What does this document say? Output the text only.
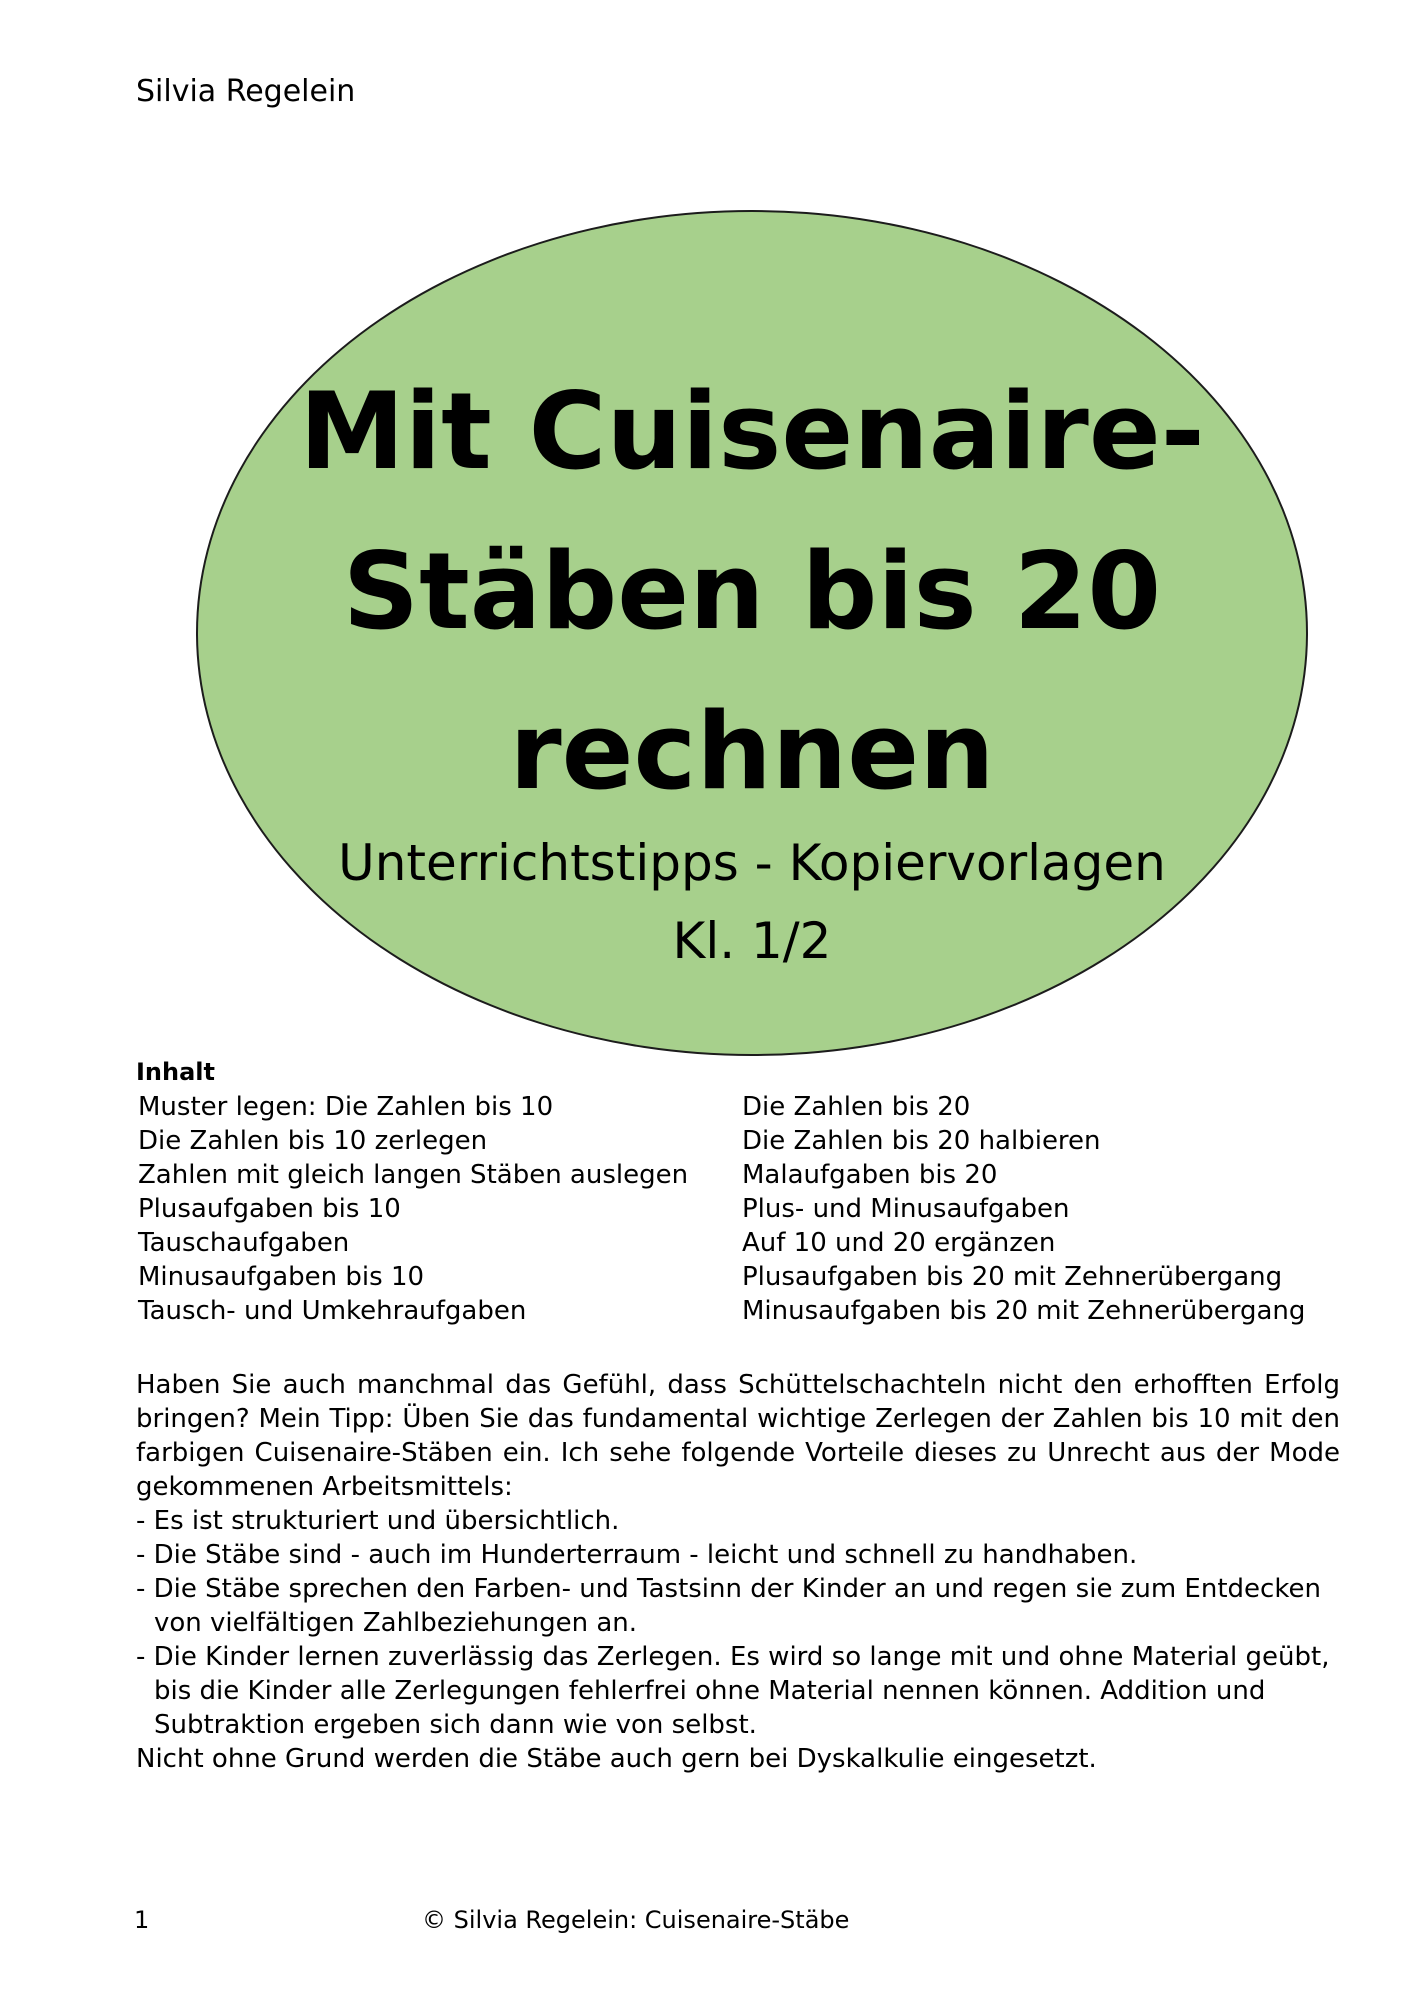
Silvia Regelein
Mit Cuisenaire-
Stäben bis 20
rechnen
Unterrichtstipps - Kopiervorlagen
Kl. 1/2
Inhalt
Muster legen: Die Zahlen bis 10
Die Zahlen bis 10 zerlegen
Zahlen mit gleich langen Stäben auslegen
Plusaufgaben bis 10
Tauschaufgaben
Minusaufgaben bis 10
Tausch- und Umkehraufgaben
Die Zahlen bis 20
Die Zahlen bis 20 halbieren
Malaufgaben bis 20
Plus- und Minusaufgaben
Auf 10 und 20 ergänzen
Plusaufgaben bis 20 mit Zehnerübergang
Minusaufgaben bis 20 mit Zehnerübergang

Haben Sie auch manchmal das Gefühl, dass Schüttelschachteln nicht den erhofften Erfolg bringen? Mein Tipp: Üben Sie das fundamental wichtige Zerlegen der Zahlen bis 10 mit den farbigen Cuisenaire-Stäben ein. Ich sehe folgende Vorteile dieses zu Unrecht aus der Mode gekommenen Arbeitsmittels:

- Es ist strukturiert und übersichtlich.

- Die Stäbe sind - auch im Hunderterraum - leicht und schnell zu handhaben.

- Die Stäbe sprechen den Farben- und Tastsinn der Kinder an und regen sie zum Entdecken von vielfältigen Zahlbeziehungen an.

- Die Kinder lernen zuverlässig das Zerlegen. Es wird so lange mit und ohne Material geübt, bis die Kinder alle Zerlegungen fehlerfrei ohne Material nennen können. Addition und Subtraktion ergeben sich dann wie von selbst.

Nicht ohne Grund werden die Stäbe auch gern bei Dyskalkulie eingesetzt.

1	© Silvia Regelein: Cuisenaire-Stäbe
